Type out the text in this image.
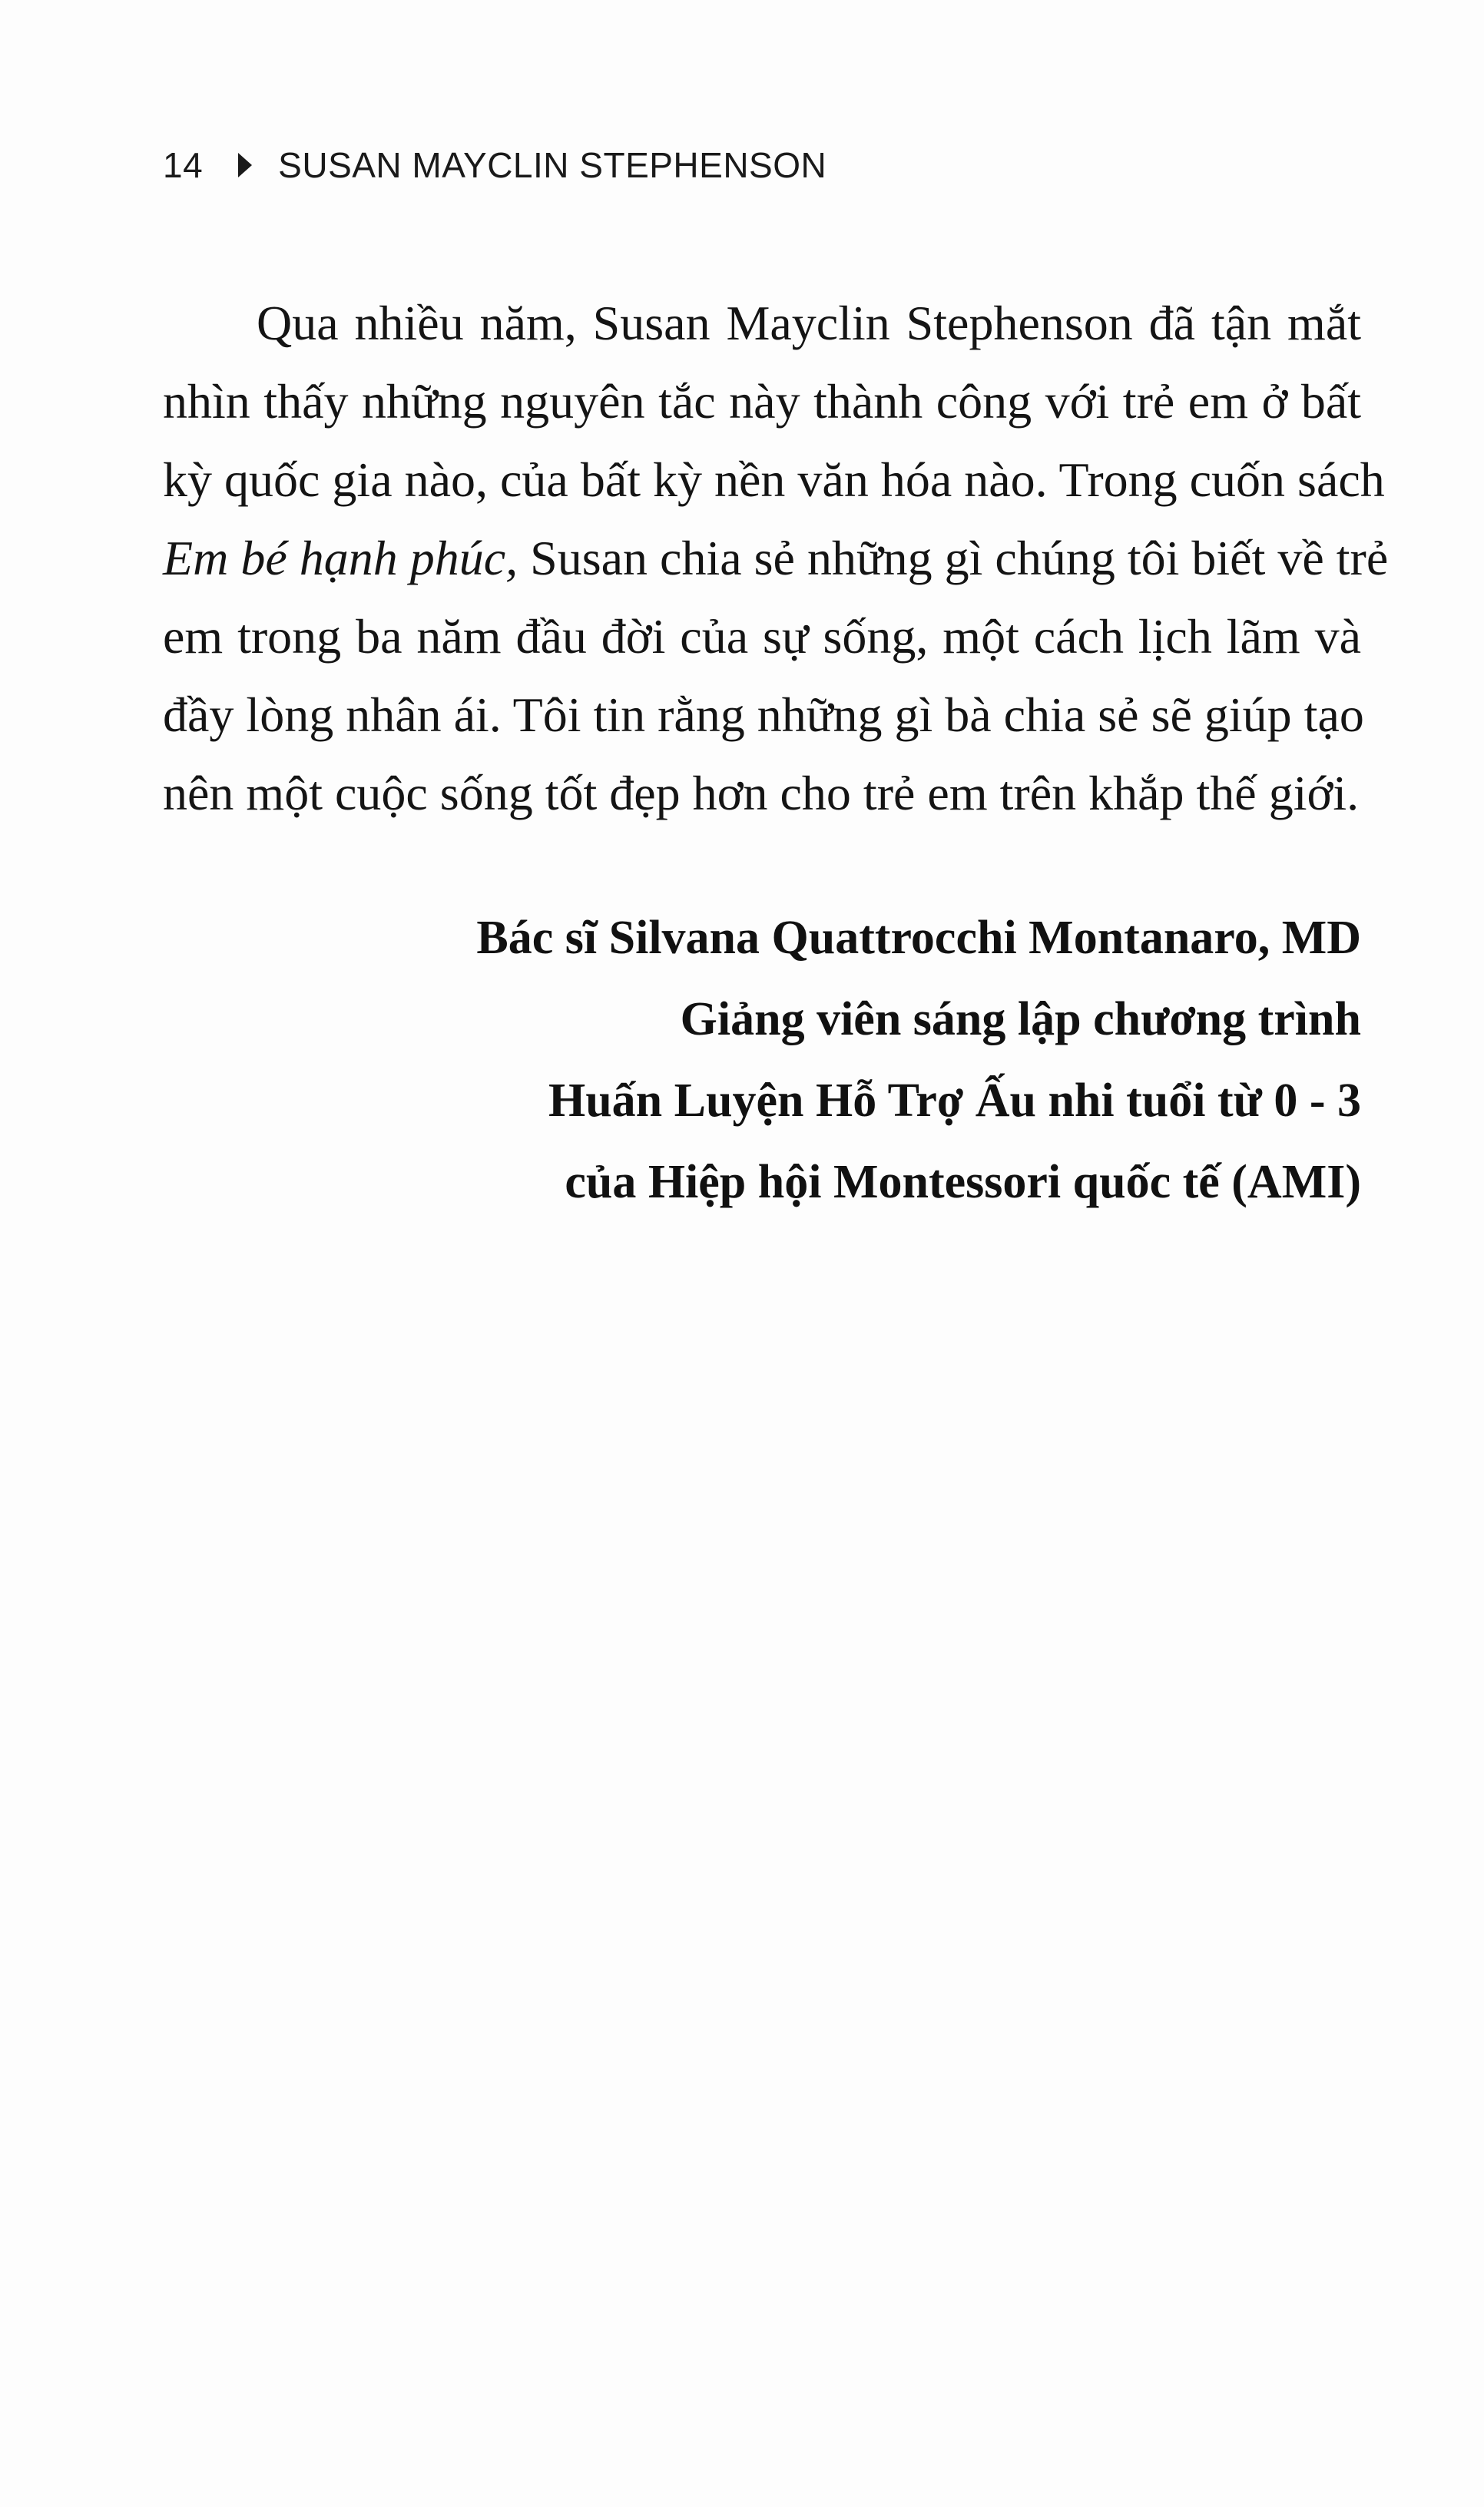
14 SUSAN MAYCLIN STEPHENSON
Qua nhiều năm, Susan Mayclin Stephenson đã tận mắt
nhìn thấy những nguyên tắc này thành công với trẻ em ở bất
kỳ quốc gia nào, của bất kỳ nền văn hóa nào. Trong cuốn sách
Em bé hạnh phúc, Susan chia sẻ những gì chúng tôi biết về trẻ
em trong ba năm đầu đời của sự sống, một cách lịch lãm và
đầy lòng nhân ái. Tôi tin rằng những gì bà chia sẻ sẽ giúp tạo
nên một cuộc sống tốt đẹp hơn cho trẻ em trên khắp thế giới.
Bác sĩ Silvana Quattrocchi Montanaro, MD
Giảng viên sáng lập chương trình
Huấn Luyện Hỗ Trợ Ấu nhi tuổi từ 0 - 3
của Hiệp hội Montessori quốc tế (AMI)
